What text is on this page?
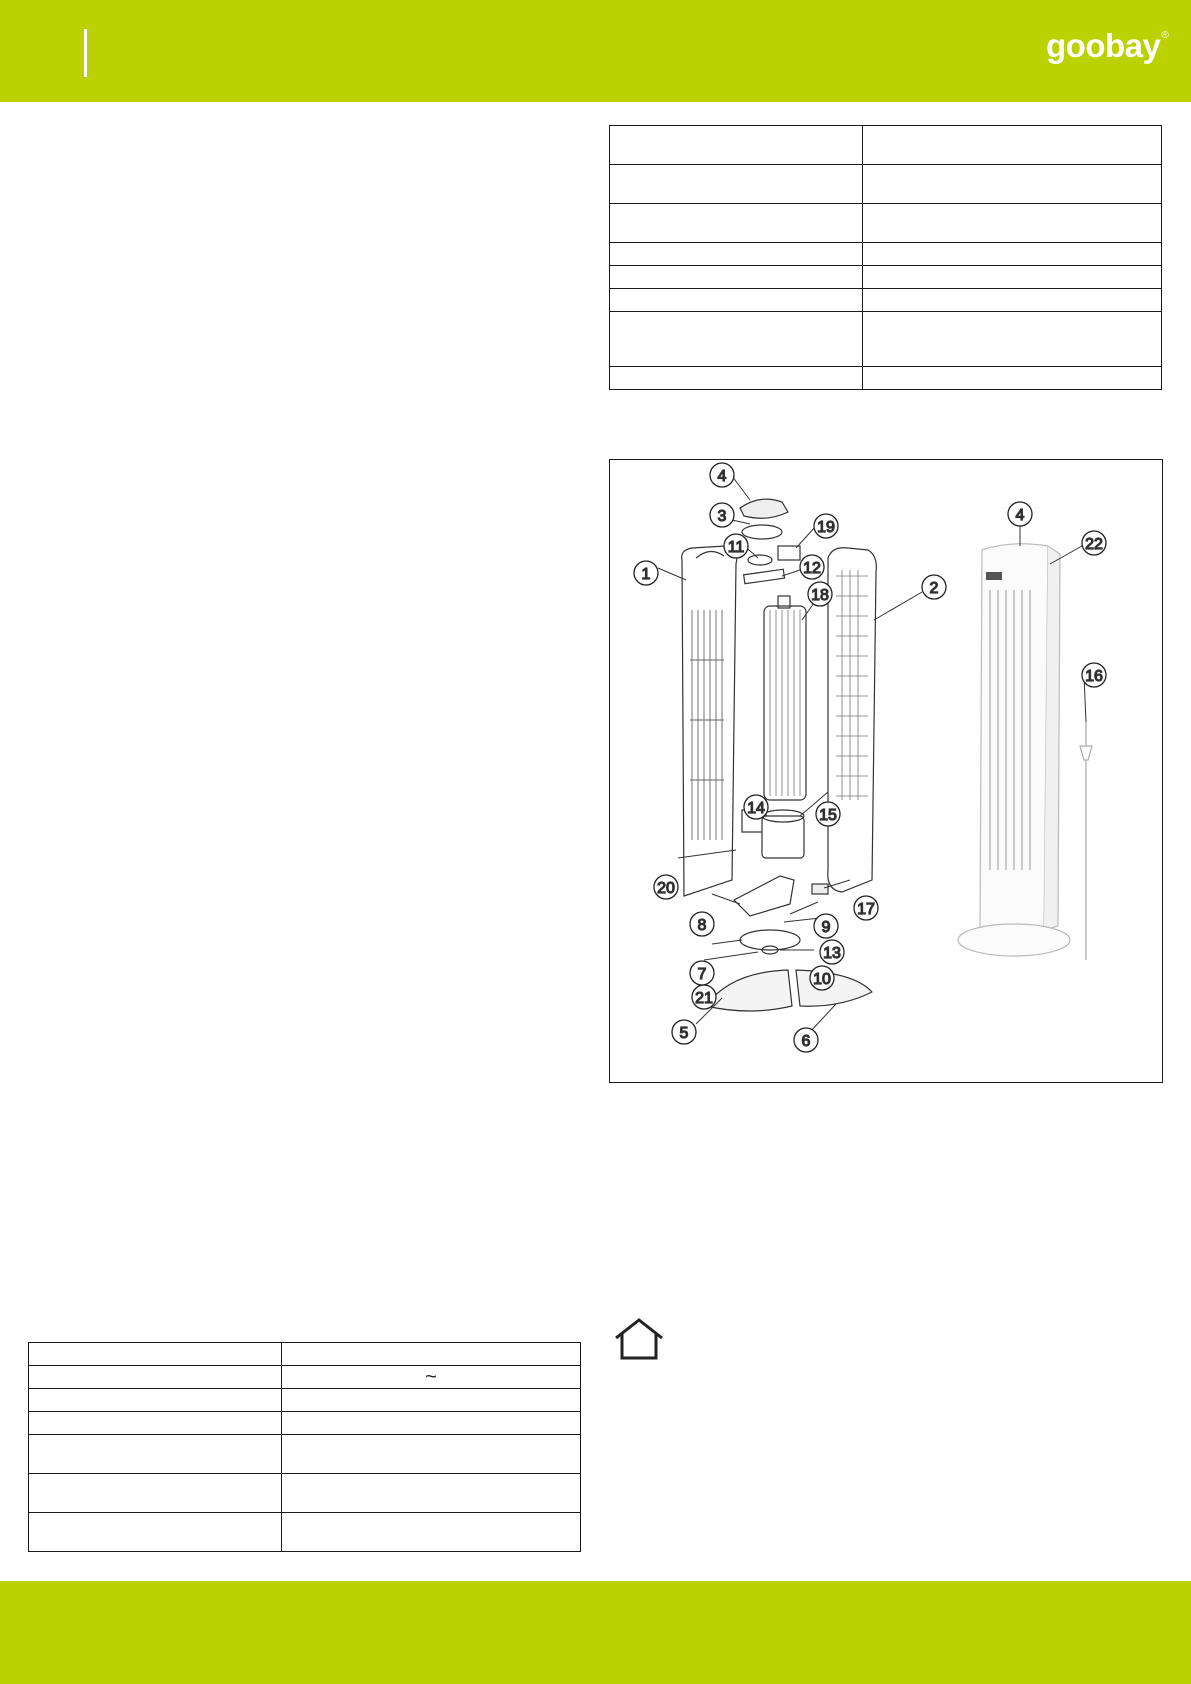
goobay ®

1
2
3
4
4
5	6
7
8	9
10
11
12
13
14	15
16
17
18
19
20
21
22

	~
